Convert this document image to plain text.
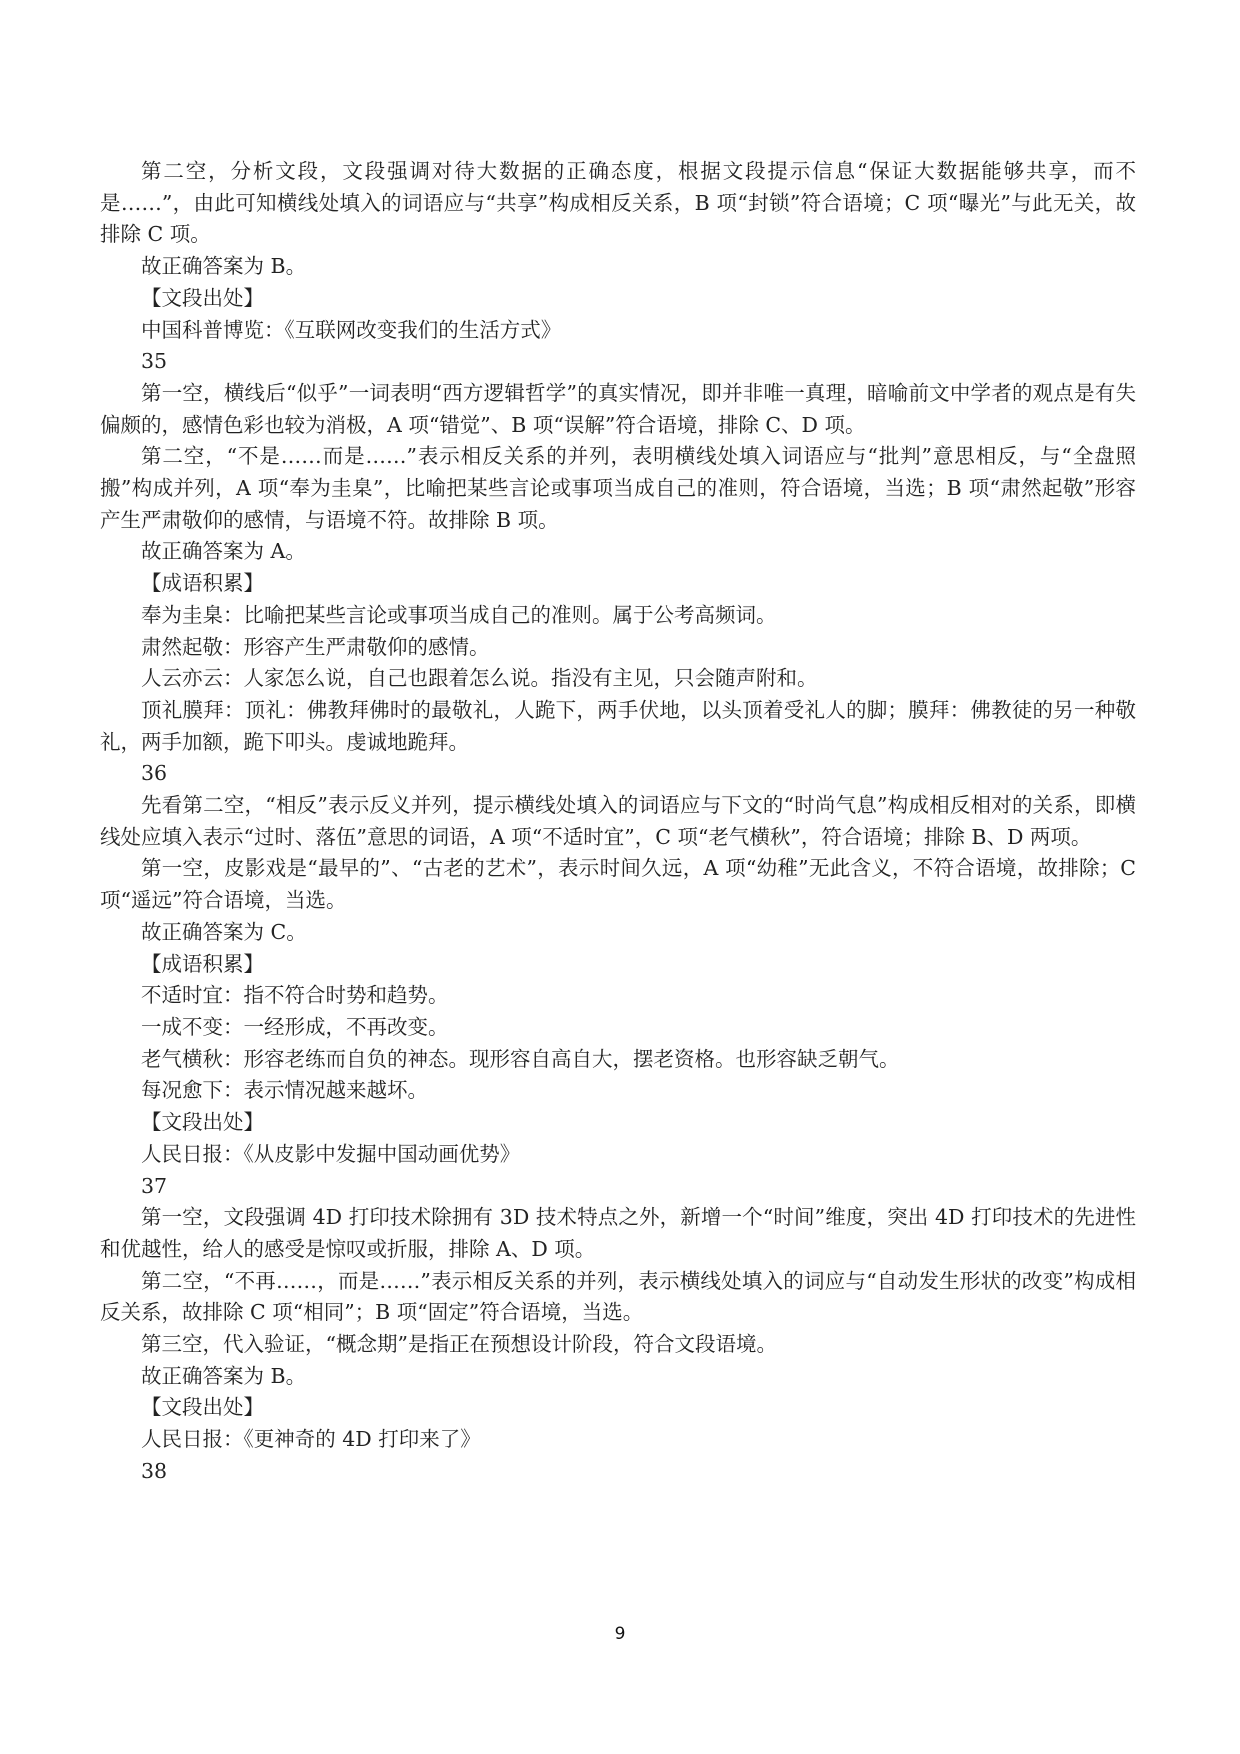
第二空，分析文段，文段强调对待大数据的正确态度，根据文段提示信息“保证大数据能够共享，而不是……”，由此可知横线处填入的词语应与“共享”构成相反关系，B 项“封锁”符合语境；C 项“曝光”与此无关，故排除 C 项。

故正确答案为 B。

【文段出处】

中国科普博览：《互联网改变我们的生活方式》

35

第一空，横线后“似乎”一词表明“西方逻辑哲学”的真实情况，即并非唯一真理，暗喻前文中学者的观点是有失偏颇的，感情色彩也较为消极，A 项“错觉”、B 项“误解”符合语境，排除 C、D 项。

第二空，“不是……而是……”表示相反关系的并列，表明横线处填入词语应与“批判”意思相反，与“全盘照搬”构成并列，A 项“奉为圭臬”，比喻把某些言论或事项当成自己的准则，符合语境，当选；B 项“肃然起敬”形容产生严肃敬仰的感情，与语境不符。故排除 B 项。

故正确答案为 A。

【成语积累】

奉为圭臬：比喻把某些言论或事项当成自己的准则。属于公考高频词。

肃然起敬：形容产生严肃敬仰的感情。

人云亦云：人家怎么说，自己也跟着怎么说。指没有主见，只会随声附和。

顶礼膜拜：顶礼：佛教拜佛时的最敬礼，人跪下，两手伏地，以头顶着受礼人的脚；膜拜：佛教徒的另一种敬礼，两手加额，跪下叩头。虔诚地跪拜。

36

先看第二空，“相反”表示反义并列，提示横线处填入的词语应与下文的“时尚气息”构成相反相对的关系，即横线处应填入表示“过时、落伍”意思的词语，A 项“不适时宜”，C 项“老气横秋”，符合语境；排除 B、D 两项。

第一空，皮影戏是“最早的”、“古老的艺术”，表示时间久远，A 项“幼稚”无此含义，不符合语境，故排除；C 项“遥远”符合语境，当选。

故正确答案为 C。

【成语积累】

不适时宜：指不符合时势和趋势。

一成不变：一经形成，不再改变。

老气横秋：形容老练而自负的神态。现形容自高自大，摆老资格。也形容缺乏朝气。

每况愈下：表示情况越来越坏。

【文段出处】

人民日报：《从皮影中发掘中国动画优势》

37

第一空，文段强调 4D 打印技术除拥有 3D 技术特点之外，新增一个“时间”维度，突出 4D 打印技术的先进性和优越性，给人的感受是惊叹或折服，排除 A、D 项。

第二空，“不再……，而是……”表示相反关系的并列，表示横线处填入的词应与“自动发生形状的改变”构成相反关系，故排除 C 项“相同”；B 项“固定”符合语境，当选。

第三空，代入验证，“概念期”是指正在预想设计阶段，符合文段语境。

故正确答案为 B。

【文段出处】

人民日报：《更神奇的 4D 打印来了》

38

9
